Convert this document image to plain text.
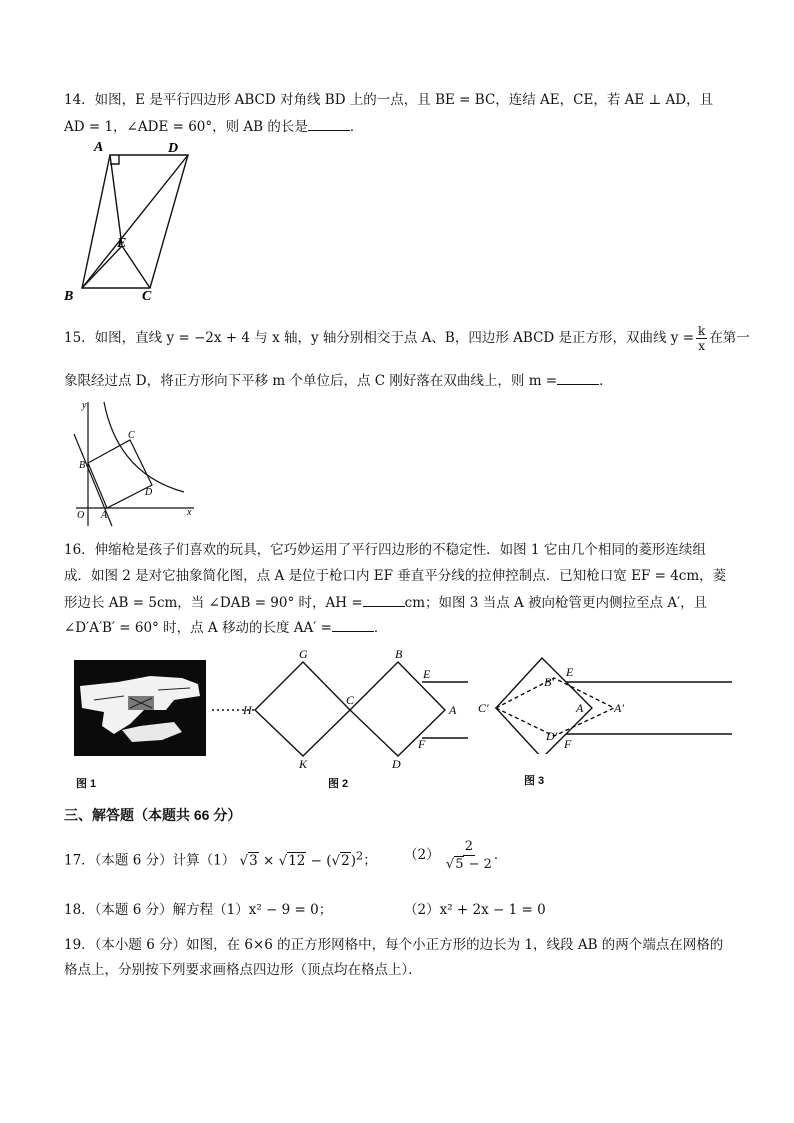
14．如图，E 是平行四边形 ABCD 对角线 BD 上的一点，且 BE = BC，连结 AE，CE，若 AE ⊥ AD，且
AD = 1，∠ADE = 60°，则 AB 的长是	．
A	D
E
B	C
15．如图，直线 y = −2x + 4 与 x 轴，y 轴分别相交于点 A、B，四边形 ABCD 是正方形，双曲线 $y = \frac{k}{x}$ 在第一
象限经过点 D，将正方形向下平移 m 个单位后，点 C 刚好落在双曲线上，则 m =	．
y
x
O A
B
C
D
16．伸缩枪是孩子们喜欢的玩具，它巧妙运用了平行四边形的不稳定性．如图 1 它由几个相同的菱形连续组
成．如图 2 是对它抽象简化图，点 A 是位于枪口内 EF 垂直平分线的拉伸控制点．已知枪口宽 EF = 4cm，菱
形边长 AB = 5cm，当 ∠DAB = 90° 时，AH =	cm；如图 3 当点 A 被向枪管更内侧拉至点 A′，且
∠D′A′B′ = 60° 时，点 A 移动的长度 AA′ =	．
图 1
G	B
E
H
C
A
K	D
F
图 2
C′
B′
E
A	A′
D′
F
图 3
三、解答题（本题共 66 分）
17．（本题 6 分）计算（1） $√3 \times √12 - (√2)^2$； $(2) \frac{2}{√5 - 2}$ ．
18．（本题 6 分）解方程（1）x² − 9 = 0；	（2）x² + 2x − 1 = 0
19．（本小题 6 分）如图，在 6×6 的正方形网格中，每个小正方形的边长为 1，线段 AB 的两个端点在网格的
格点上，分别按下列要求画格点四边形（顶点均在格点上）．
